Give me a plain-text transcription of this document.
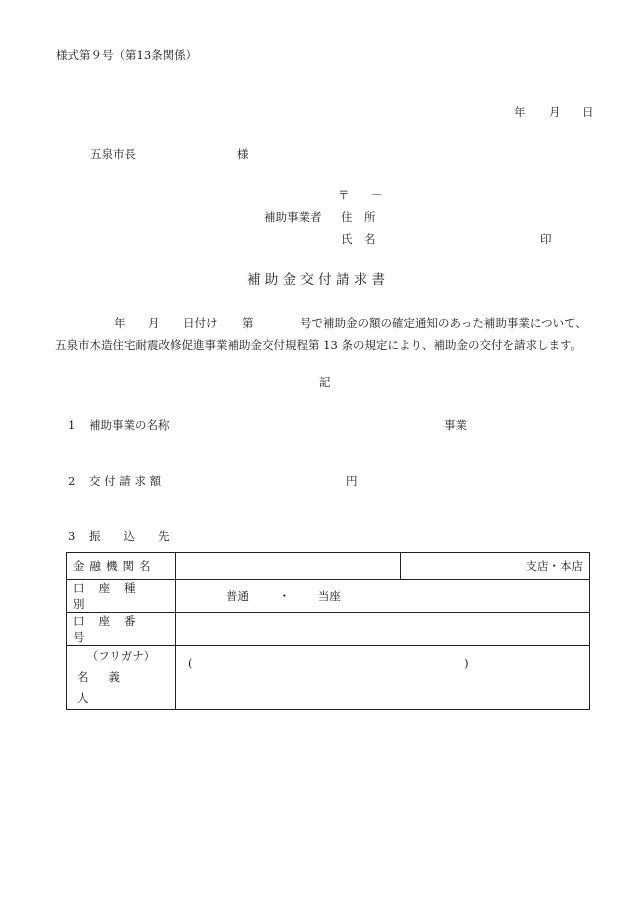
様式第９号（第13条関係）
年 月 日
五泉市長	様
〒 －
補助事業者 住　所
氏　名	印
補 助 金 交 付 請 求 書
年 月 日付け 第	号で補助金の額の確定通知のあった補助事業について、
五泉市木造住宅耐震改修促進事業補助金交付規程第 13 条の規定により、補助金の交付を請求します。
記
1 補助事業の名称	事業
2 交 付 請 求 額	円
3 振　　込　　先
金融機関名		支店・本店
口座種別	普通 ・ 当座	
口座番号		

（フリガナ）
名義人	( )	
